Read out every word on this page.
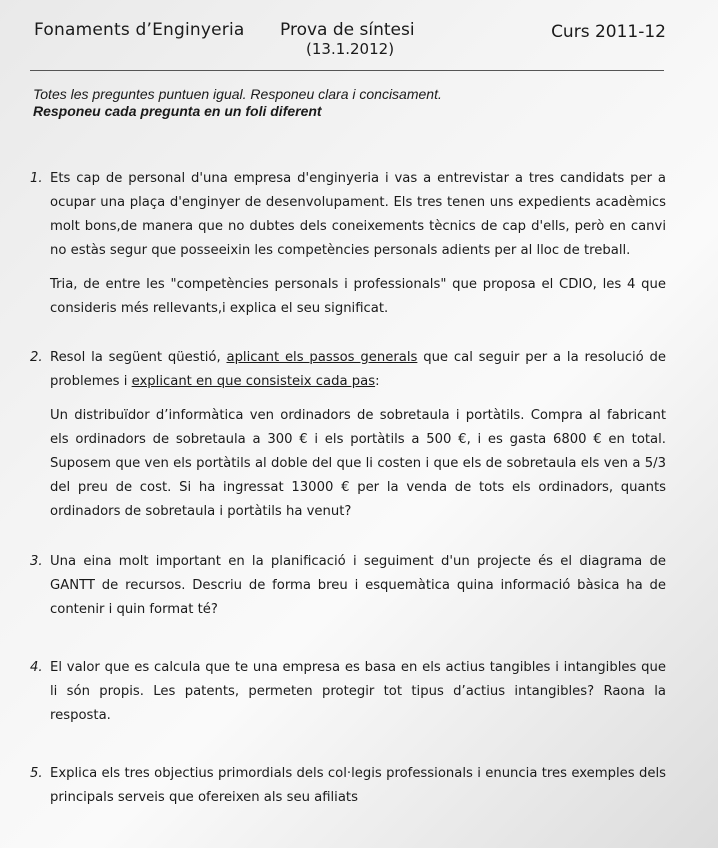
Fonaments d’Enginyeria Prova de síntesi
(13.1.2012)
Curs 2011-12
Totes les preguntes puntuen igual. Responeu clara i concisament.
Responeu cada pregunta en un foli diferent
1. Ets cap de personal d'una empresa d'enginyeria i vas a entrevistar a tres candidats per a ocupar una plaça d'enginyer de desenvolupament. Els tres tenen uns expedients acadèmics molt bons,de manera que no dubtes dels coneixements tècnics de cap d'ells, però en canvi no estàs segur que posseeixin les competències personals adients per al lloc de treball.

Tria, de entre les "competències personals i professionals" que proposa el CDIO, les 4 que consideris més rellevants,i explica el seu significat.

2. Resol la següent qüestió, aplicant els passos generals que cal seguir per a la resolució de problemes i explicant en que consisteix cada pas:

Un distribuïdor d’informàtica ven ordinadors de sobretaula i portàtils. Compra al fabricant els ordinadors de sobretaula a 300 € i els portàtils a 500 €, i es gasta 6800 € en total. Suposem que ven els portàtils al doble del que li costen i que els de sobretaula els ven a 5/3 del preu de cost. Si ha ingressat 13000 € per la venda de tots els ordinadors, quants ordinadors de sobretaula i portàtils ha venut?

3. Una eina molt important en la planificació i seguiment d'un projecte és el diagrama de GANTT de recursos. Descriu de forma breu i esquemàtica quina informació bàsica ha de contenir i quin format té?

4. El valor que es calcula que te una empresa es basa en els actius tangibles i intangibles que li són propis. Les patents, permeten protegir tot tipus d’actius intangibles? Raona la resposta.

5. Explica els tres objectius primordials dels col·legis professionals i enuncia tres exemples dels principals serveis que ofereixen als seu afiliats
